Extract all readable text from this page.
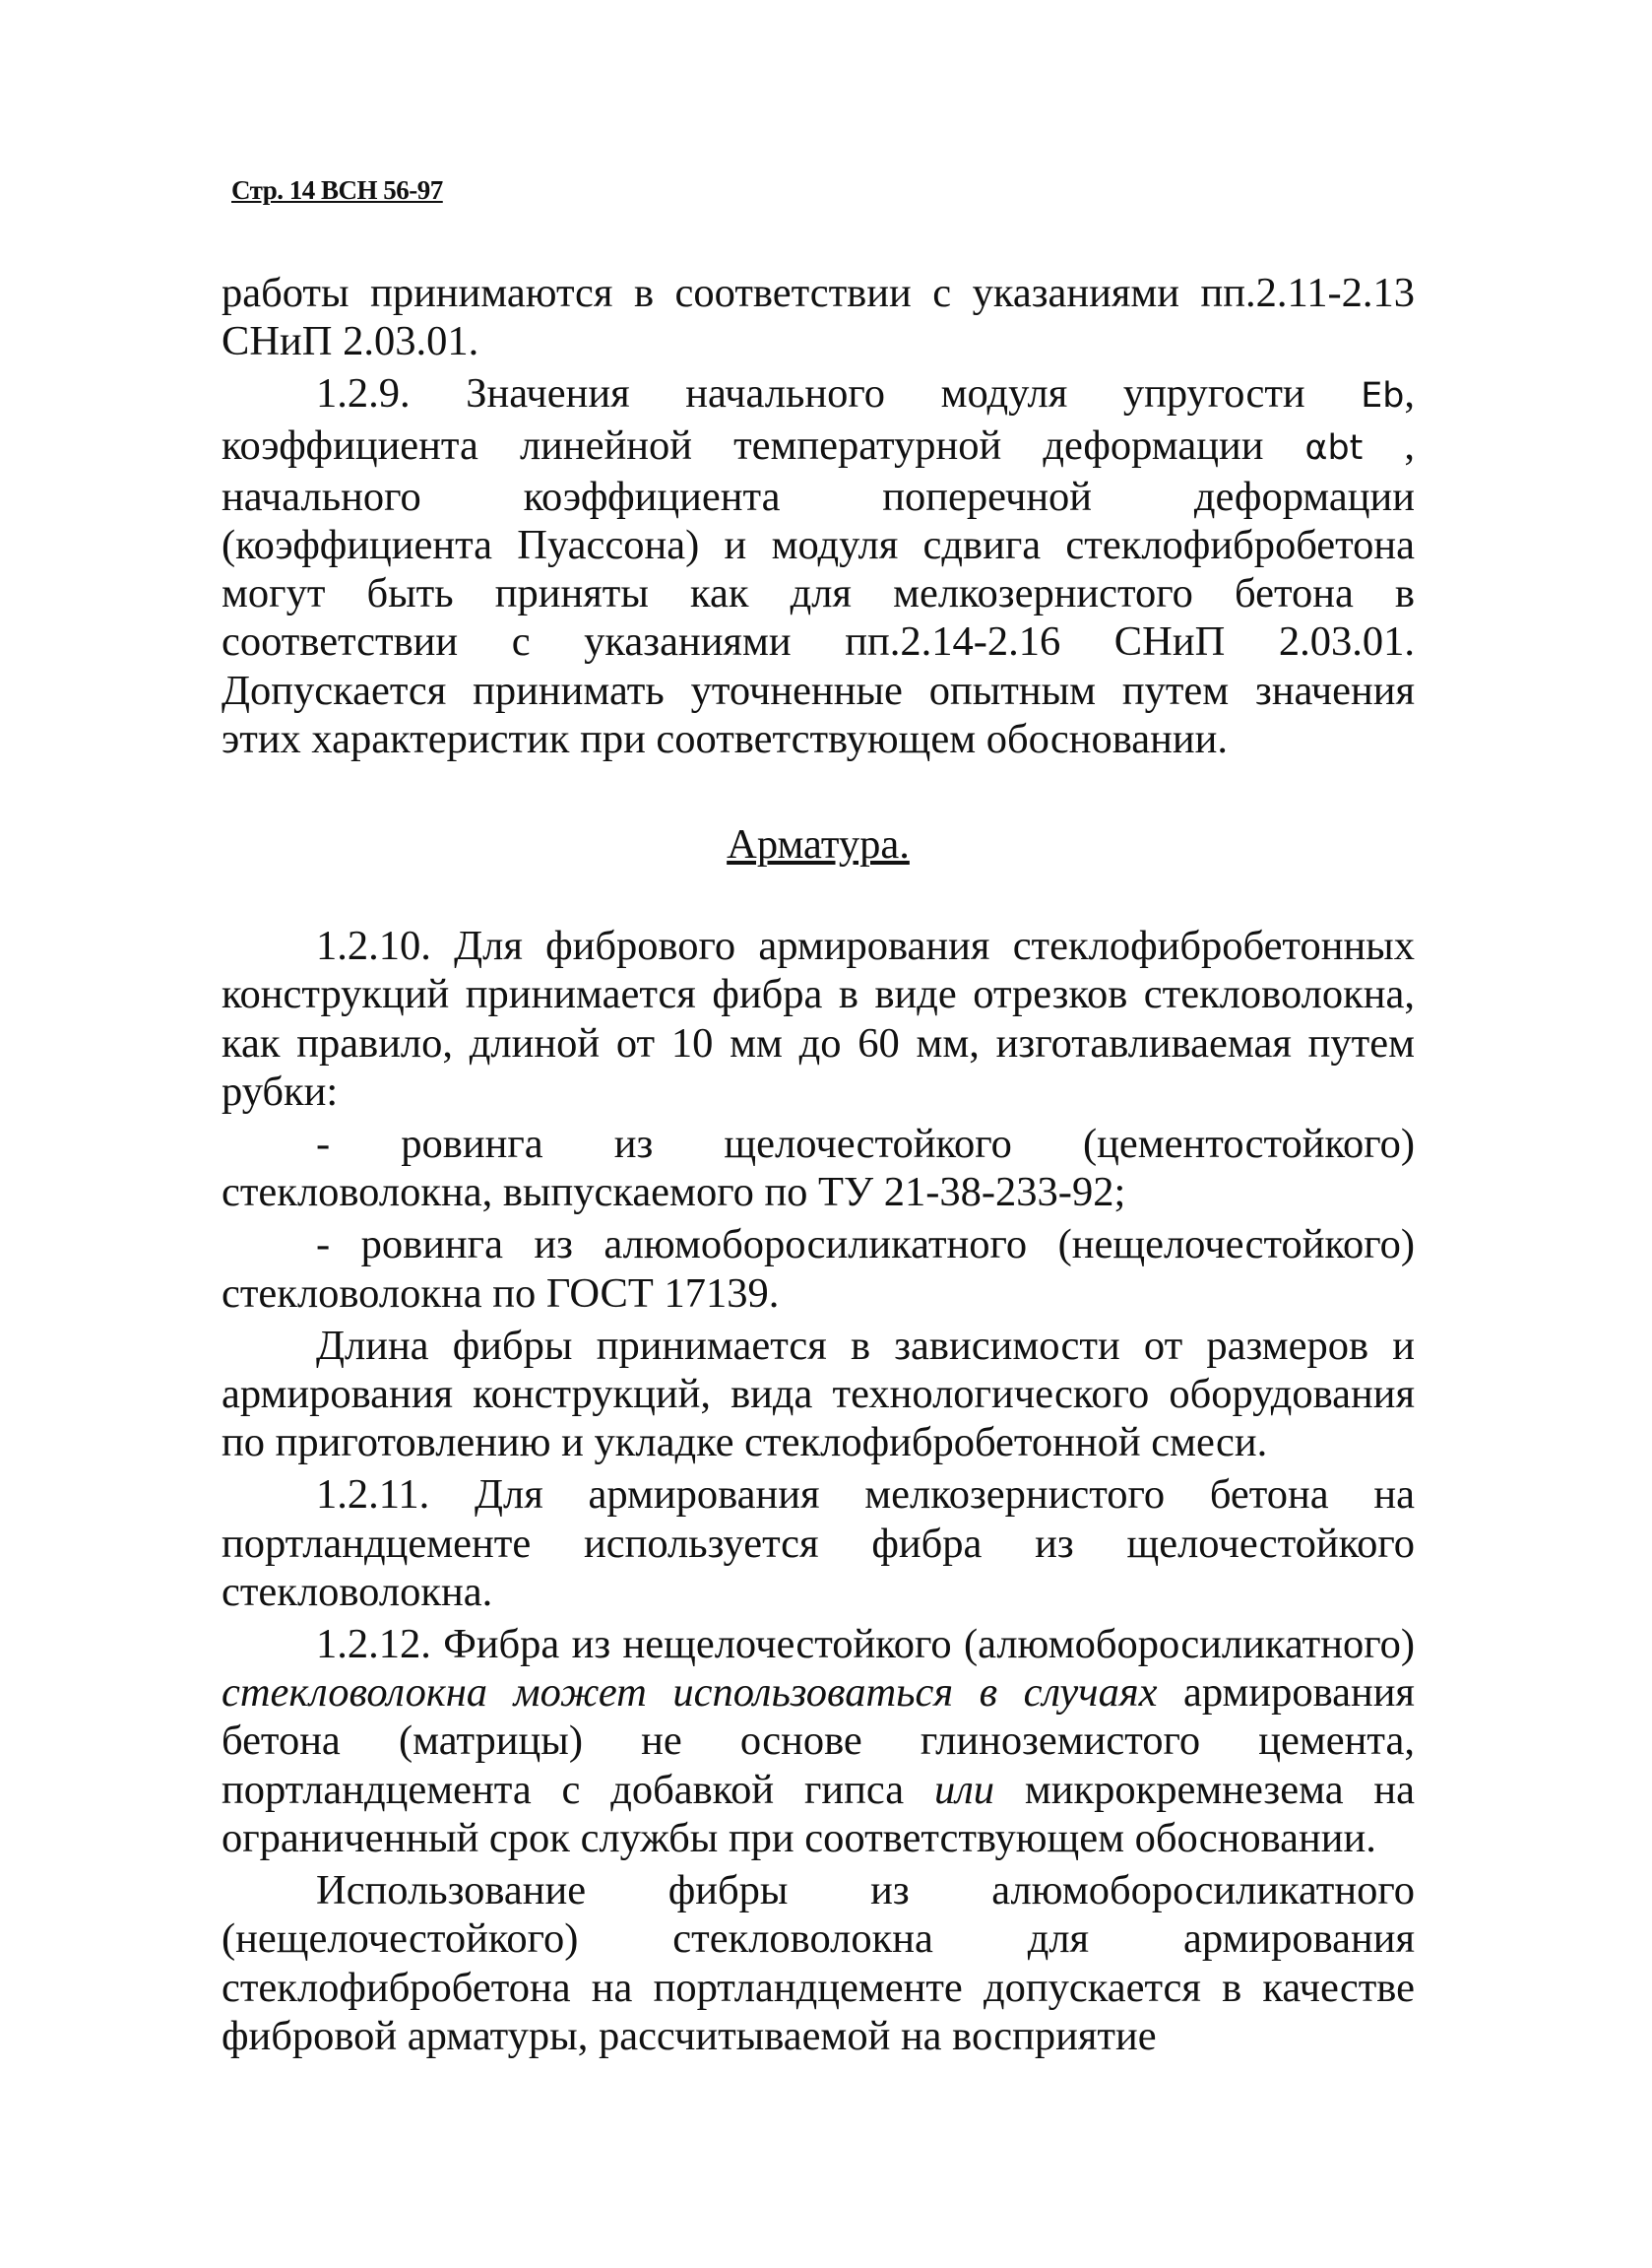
Стр. 14 ВСН 56-97

работы принимаются в соответствии с указаниями пп.2.11-2.13 СНиП 2.03.01.

1.2.9. Значения начального модуля упругости Eb, коэффициента линейной температурной деформации αbt , начального коэффициента поперечной деформации (коэффициента Пуассона) и модуля сдвига стеклофибробетона могут быть приняты как для мелкозернистого бетона в соответствии с указаниями пп.2.14-2.16 СНиП 2.03.01. Допускается принимать уточненные опытным путем значения этих характеристик при соответствующем обосновании.

Арматура.

1.2.10. Для фибрового армирования стеклофибробетонных конструкций принимается фибра в виде отрезков стекловолокна, как правило, длиной от 10 мм до 60 мм, изготавливаемая путем рубки:

- ровинга из щелочестойкого (цементостойкого) стекловолокна, выпускаемого по ТУ 21-38-233-92;

- ровинга из алюмоборосиликатного (нещелочестойкого) стекловолокна по ГОСТ 17139.

Длина фибры принимается в зависимости от размеров и армирования конструкций, вида технологического оборудования по приготовлению и укладке стеклофибробетонной смеси.

1.2.11. Для армирования мелкозернистого бетона на портландцементе используется фибра из щелочестойкого стекловолокна.

1.2.12. Фибра из нещелочестойкого (алюмоборосиликатного) стекловолокна может использоваться в случаях армирования бетона (матрицы) не основе глиноземистого цемента, портландцемента с добавкой гипса или микрокремнезема на ограниченный срок службы при соответствующем обосновании.

Использование фибры из алюмоборосиликатного (нещелочестойкого) стекловолокна для армирования стеклофибробетона на портландцементе допускается в качестве фибровой арматуры, рассчитываемой на восприятие
